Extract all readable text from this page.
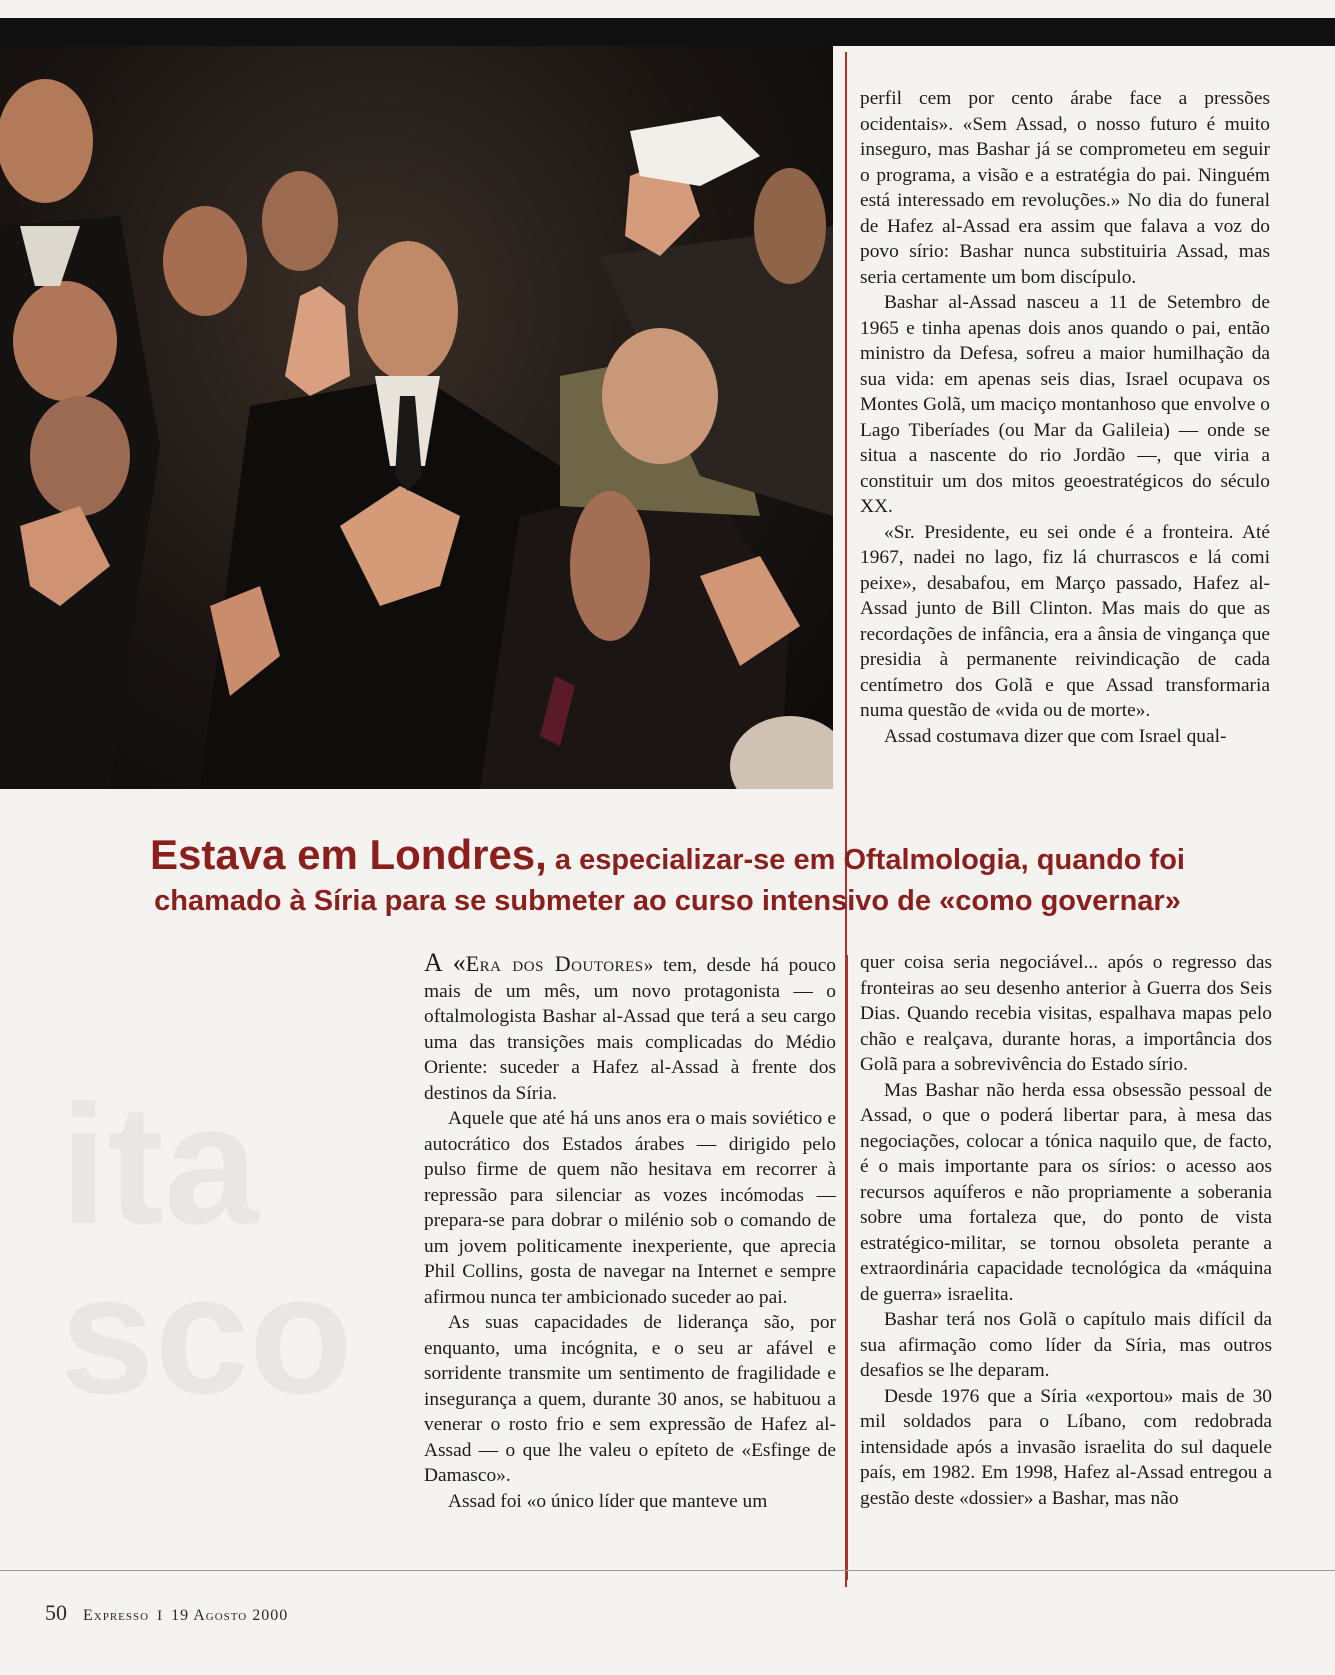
perfil cem por cento árabe face a pressões ocidentais». «Sem Assad, o nosso futuro é muito inseguro, mas Bashar já se comprometeu em seguir o programa, a visão e a estratégia do pai. Ninguém está interessado em revoluções.» No dia do funeral de Hafez al-Assad era assim que falava a voz do povo sírio: Bashar nunca substituiria Assad, mas seria certamente um bom discípulo.

Bashar al-Assad nasceu a 11 de Setembro de 1965 e tinha apenas dois anos quando o pai, então ministro da Defesa, sofreu a maior humilhação da sua vida: em apenas seis dias, Israel ocupava os Montes Golã, um maciço montanhoso que envolve o Lago Tiberíades (ou Mar da Galileia) — onde se situa a nascente do rio Jordão —, que viria a constituir um dos mitos geoestratégicos do século XX.

«Sr. Presidente, eu sei onde é a fronteira. Até 1967, nadei no lago, fiz lá churrascos e lá comi peixe», desabafou, em Março passado, Hafez al-Assad junto de Bill Clinton. Mas mais do que as recordações de infância, era a ânsia de vingança que presidia à permanente reivindicação de cada centímetro dos Golã e que Assad transformaria numa questão de «vida ou de morte».

Assad costumava dizer que com Israel qual-

ita sco
Estava em Londres, a especializar-se em Oftalmologia, quando foi
chamado à Síria para se submeter ao curso intensivo de «como governar»

A «Era dos Doutores» tem, desde há pouco mais de um mês, um novo protagonista — o oftalmologista Bashar al-Assad que terá a seu cargo uma das transições mais complicadas do Médio Oriente: suceder a Hafez al-Assad à frente dos destinos da Síria.

Aquele que até há uns anos era o mais soviético e autocrático dos Estados árabes — dirigido pelo pulso firme de quem não hesitava em recorrer à repressão para silenciar as vozes incómodas — prepara-se para dobrar o milénio sob o comando de um jovem politicamente inexperiente, que aprecia Phil Collins, gosta de navegar na Internet e sempre afirmou nunca ter ambicionado suceder ao pai.

As suas capacidades de liderança são, por enquanto, uma incógnita, e o seu ar afável e sorridente transmite um sentimento de fragilidade e insegurança a quem, durante 30 anos, se habituou a venerar o rosto frio e sem expressão de Hafez al-Assad — o que lhe valeu o epíteto de «Esfinge de Damasco».

Assad foi «o único líder que manteve um

quer coisa seria negociável... após o regresso das fronteiras ao seu desenho anterior à Guerra dos Seis Dias. Quando recebia visitas, espalhava mapas pelo chão e realçava, durante horas, a importância dos Golã para a sobrevivência do Estado sírio.

Mas Bashar não herda essa obsessão pessoal de Assad, o que o poderá libertar para, à mesa das negociações, colocar a tónica naquilo que, de facto, é o mais importante para os sírios: o acesso aos recursos aquíferos e não propriamente a soberania sobre uma fortaleza que, do ponto de vista estratégico-militar, se tornou obsoleta perante a extraordinária capacidade tecnológica da «máquina de guerra» israelita.

Bashar terá nos Golã o capítulo mais difícil da sua afirmação como líder da Síria, mas outros desafios se lhe deparam.

Desde 1976 que a Síria «exportou» mais de 30 mil soldados para o Líbano, com redobrada intensidade após a invasão israelita do sul daquele país, em 1982. Em 1998, Hafez al-Assad entregou a gestão deste «dossier» a Bashar, mas não

50 Expresso I 19 Agosto 2000
